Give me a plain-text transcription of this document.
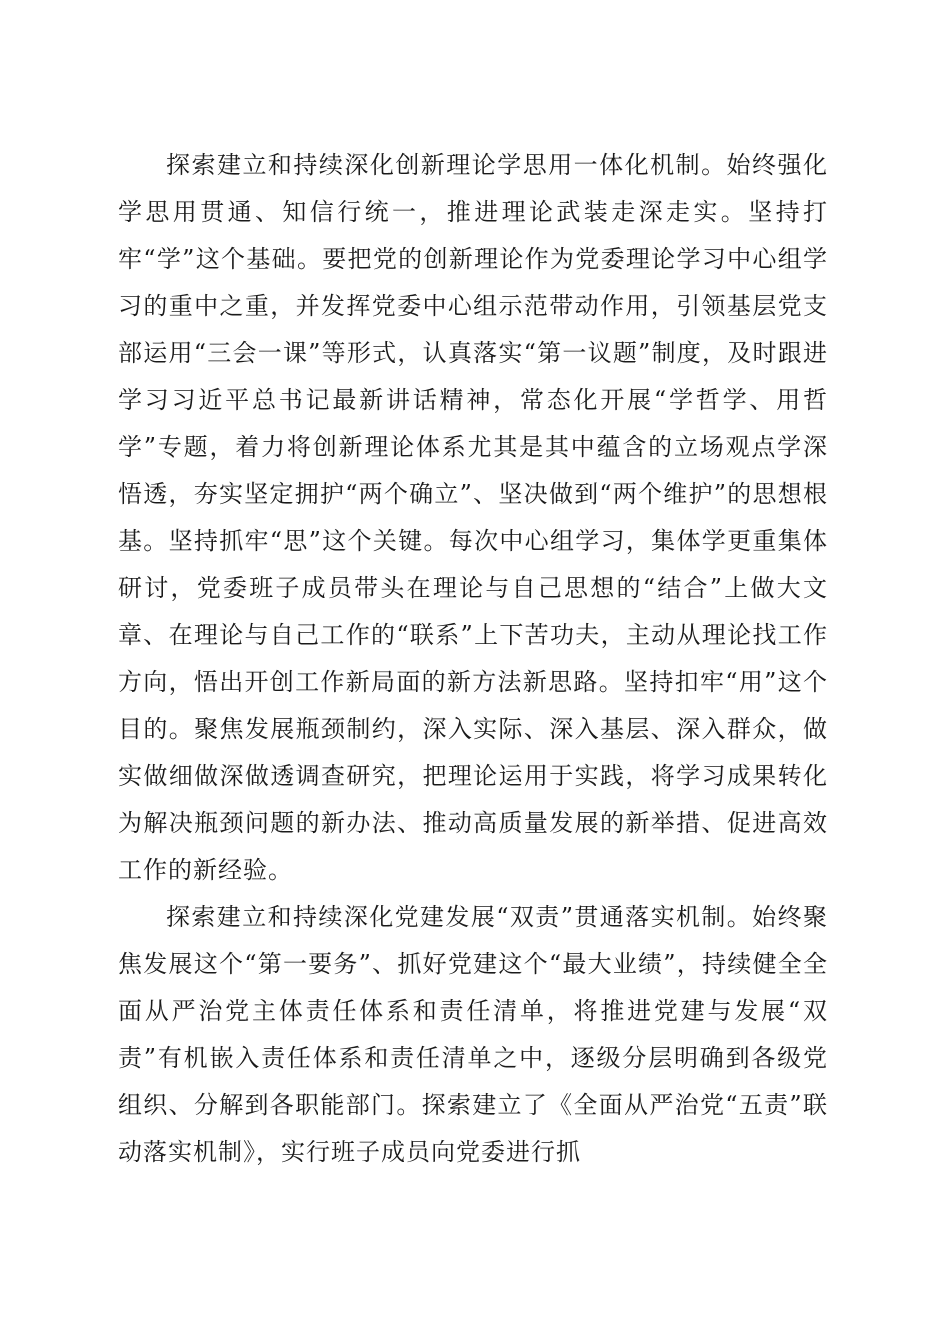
探索建立和持续深化创新理论学思用一体化机制。始终强化学思用贯通、知信行统一，推进理论武装走深走实。坚持打牢“学”这个基础。要把党的创新理论作为党委理论学习中心组学习的重中之重，并发挥党委中心组示范带动作用，引领基层党支部运用“三会一课”等形式，认真落实“第一议题”制度，及时跟进学习习近平总书记最新讲话精神，常态化开展“学哲学、用哲学”专题，着力将创新理论体系尤其是其中蕴含的立场观点学深悟透，夯实坚定拥护“两个确立”、坚决做到“两个维护”的思想根基。坚持抓牢“思”这个关键。每次中心组学习，集体学更重集体研讨，党委班子成员带头在理论与自己思想的“结合”上做大文章、在理论与自己工作的“联系”上下苦功夫，主动从理论找工作方向，悟出开创工作新局面的新方法新思路。坚持扣牢“用”这个目的。聚焦发展瓶颈制约，深入实际、深入基层、深入群众，做实做细做深做透调查研究，把理论运用于实践，将学习成果转化为解决瓶颈问题的新办法、推动高质量发展的新举措、促进高效工作的新经验。

探索建立和持续深化党建发展“双责”贯通落实机制。始终聚焦发展这个“第一要务”、抓好党建这个“最大业绩”，持续健全全面从严治党主体责任体系和责任清单，将推进党建与发展“双责”有机嵌入责任体系和责任清单之中，逐级分层明确到各级党组织、分解到各职能部门。探索建立了《全面从严治党“五责”联动落实机制》，实行班子成员向党委进行抓
